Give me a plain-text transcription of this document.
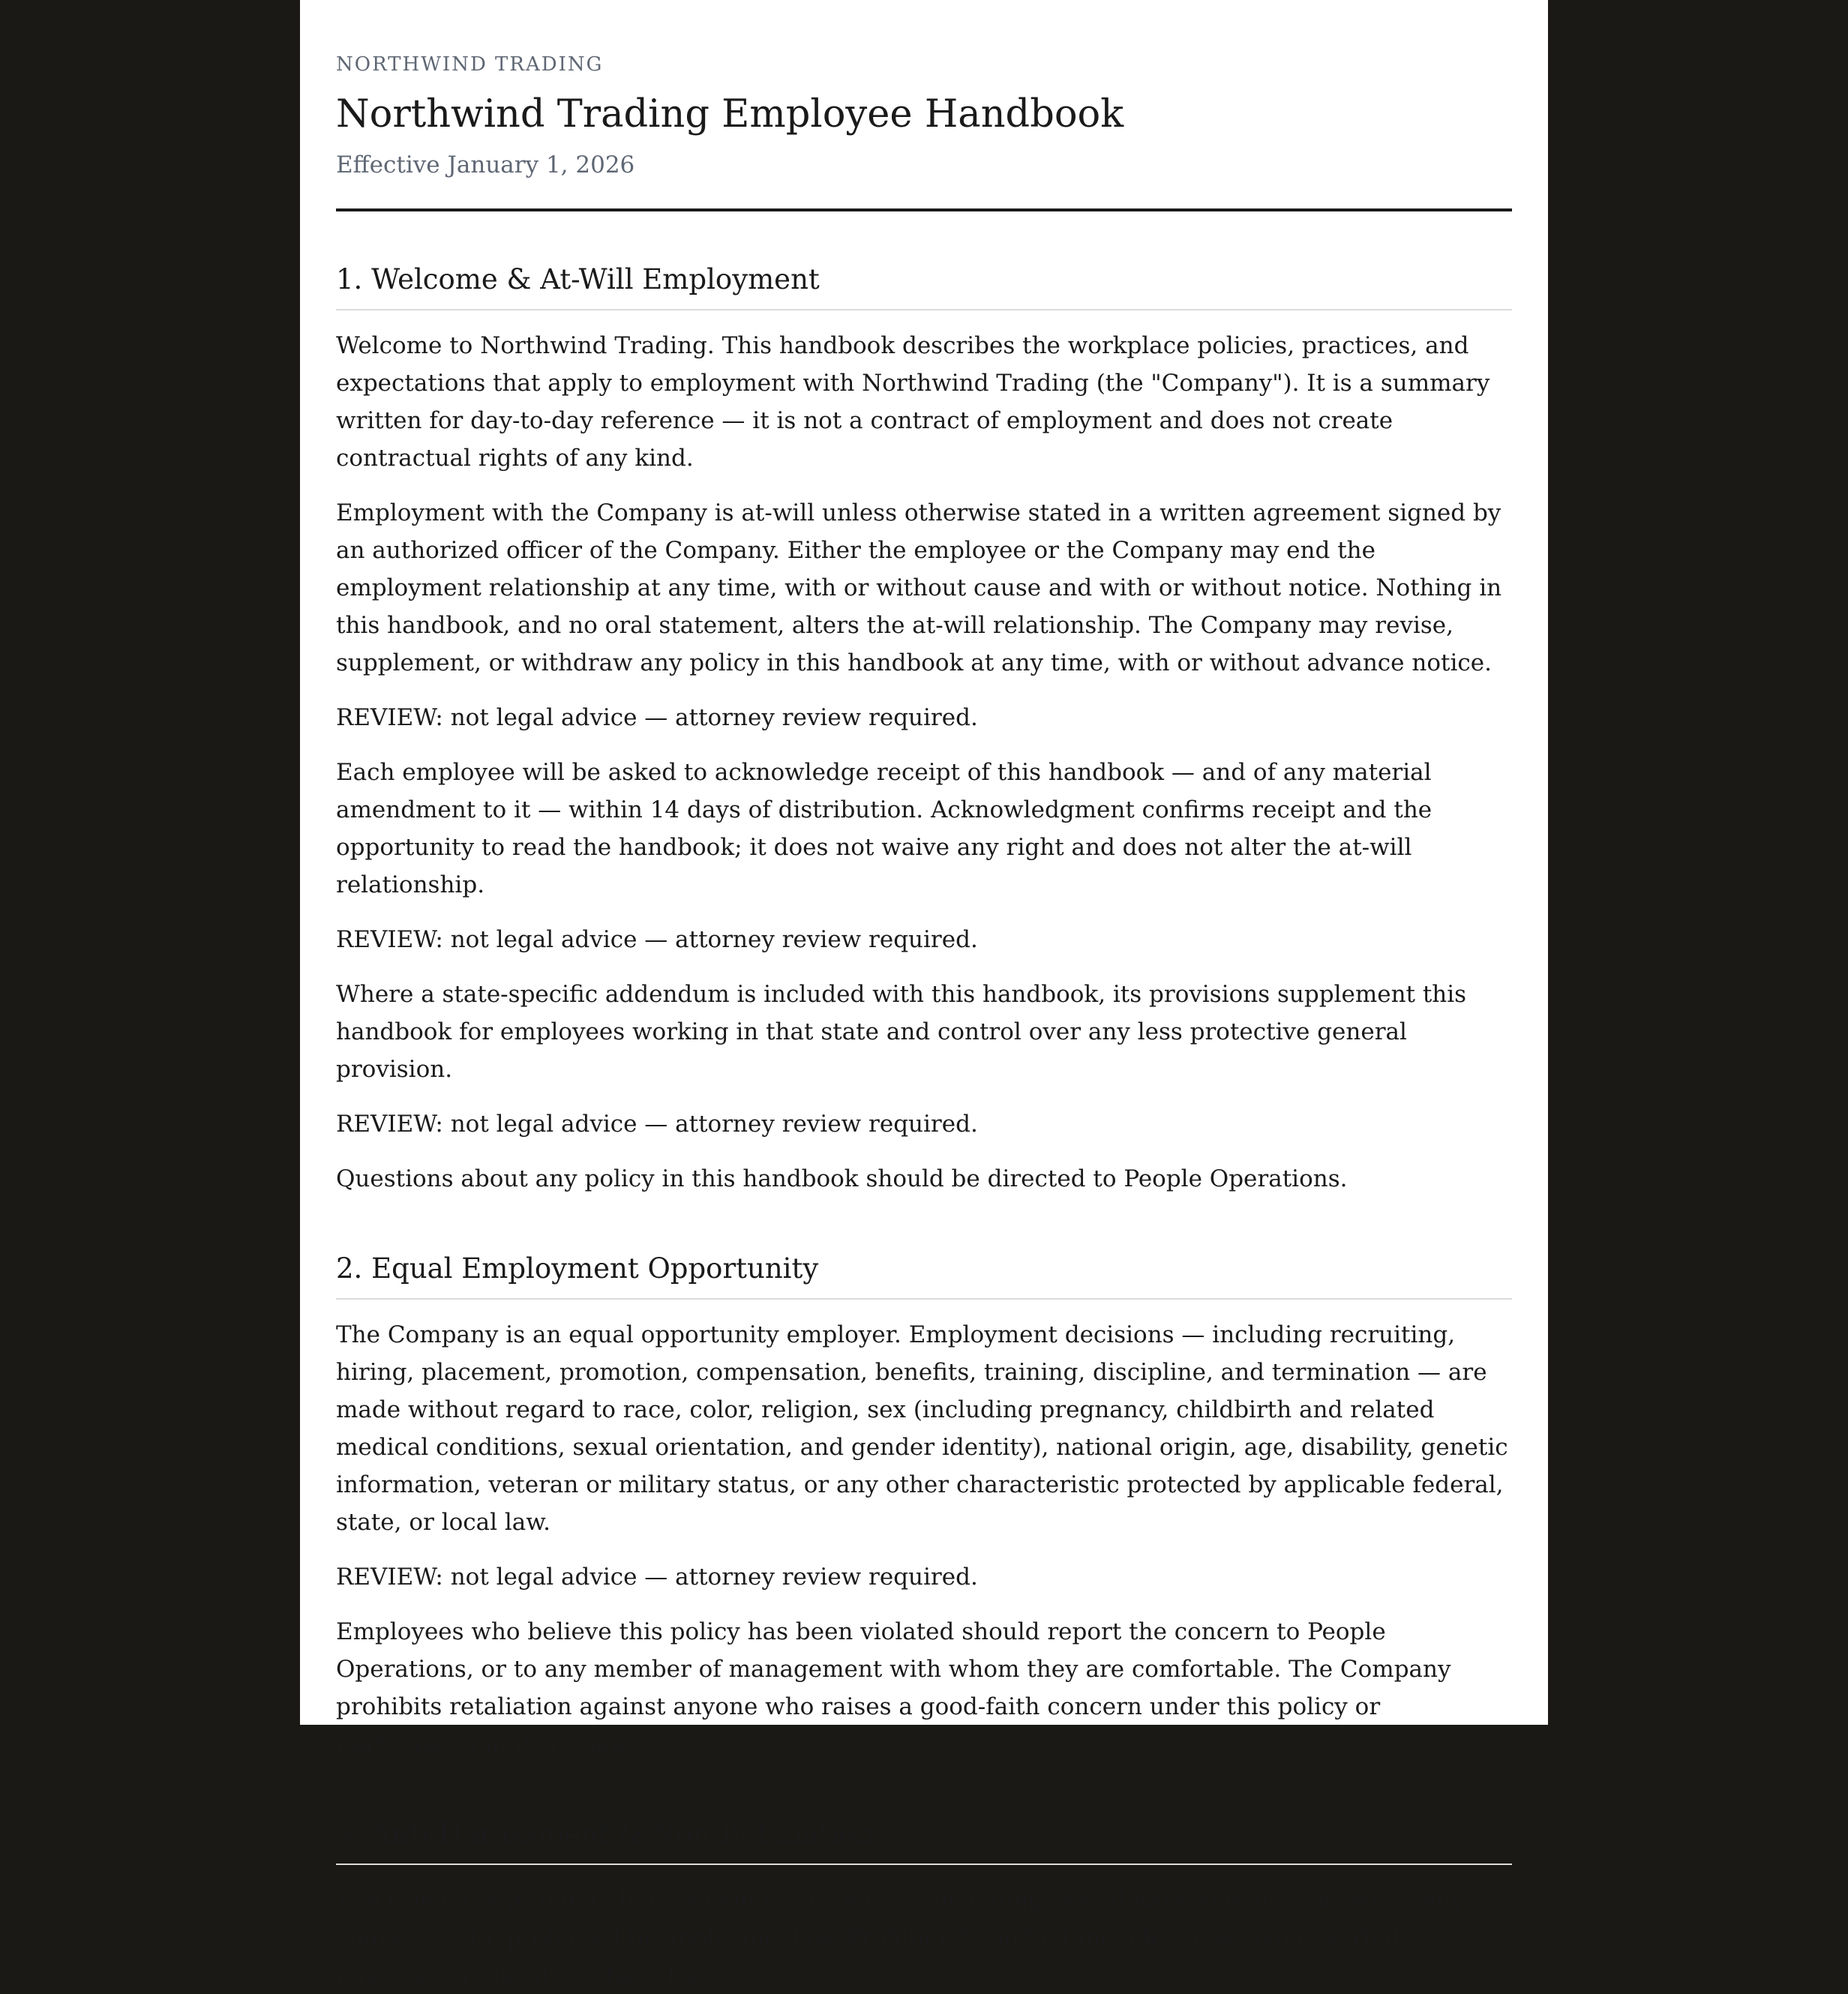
NORTHWIND TRADING
Northwind Trading Employee Handbook
Effective January 1, 2026
1. Welcome & At-Will Employment

Welcome to Northwind Trading. This handbook describes the workplace policies, practices, and expectations that apply to employment with Northwind Trading (the "Company"). It is a summary written for day-to-day reference — it is not a contract of employment and does not create contractual rights of any kind.

Employment with the Company is at-will unless otherwise stated in a written agreement signed by an authorized officer of the Company. Either the employee or the Company may end the employment relationship at any time, with or without cause and with or without notice. Nothing in this handbook, and no oral statement, alters the at-will relationship. The Company may revise, supplement, or withdraw any policy in this handbook at any time, with or without advance notice.

REVIEW: not legal advice — attorney review required.

Each employee will be asked to acknowledge receipt of this handbook — and of any material amendment to it — within 14 days of distribution. Acknowledgment confirms receipt and the opportunity to read the handbook; it does not waive any right and does not alter the at-will relationship.

REVIEW: not legal advice — attorney review required.

Where a state-specific addendum is included with this handbook, its provisions supplement this handbook for employees working in that state and control over any less protective general provision.

REVIEW: not legal advice — attorney review required.

Questions about any policy in this handbook should be directed to People Operations.

2. Equal Employment Opportunity

The Company is an equal opportunity employer. Employment decisions — including recruiting, hiring, placement, promotion, compensation, benefits, training, discipline, and termination — are made without regard to race, color, religion, sex (including pregnancy, childbirth and related medical conditions, sexual orientation, and gender identity), national origin, age, disability, genetic information, veteran or military status, or any other characteristic protected by applicable federal, state, or local law.

REVIEW: not legal advice — attorney review required.

Employees who believe this policy has been violated should report the concern to People Operations, or to any member of management with whom they are comfortable. The Company prohibits retaliation against anyone who raises a good-faith concern under this policy or participates in its review.

3. Anti-Harassment & Non-Retaliation

The Company prohibits harassment of any kind — including sexual harassment — based on any characteristic protected by applicable law. Prohibited conduct includes unwelcome verbal, physical, or visual conduct that
